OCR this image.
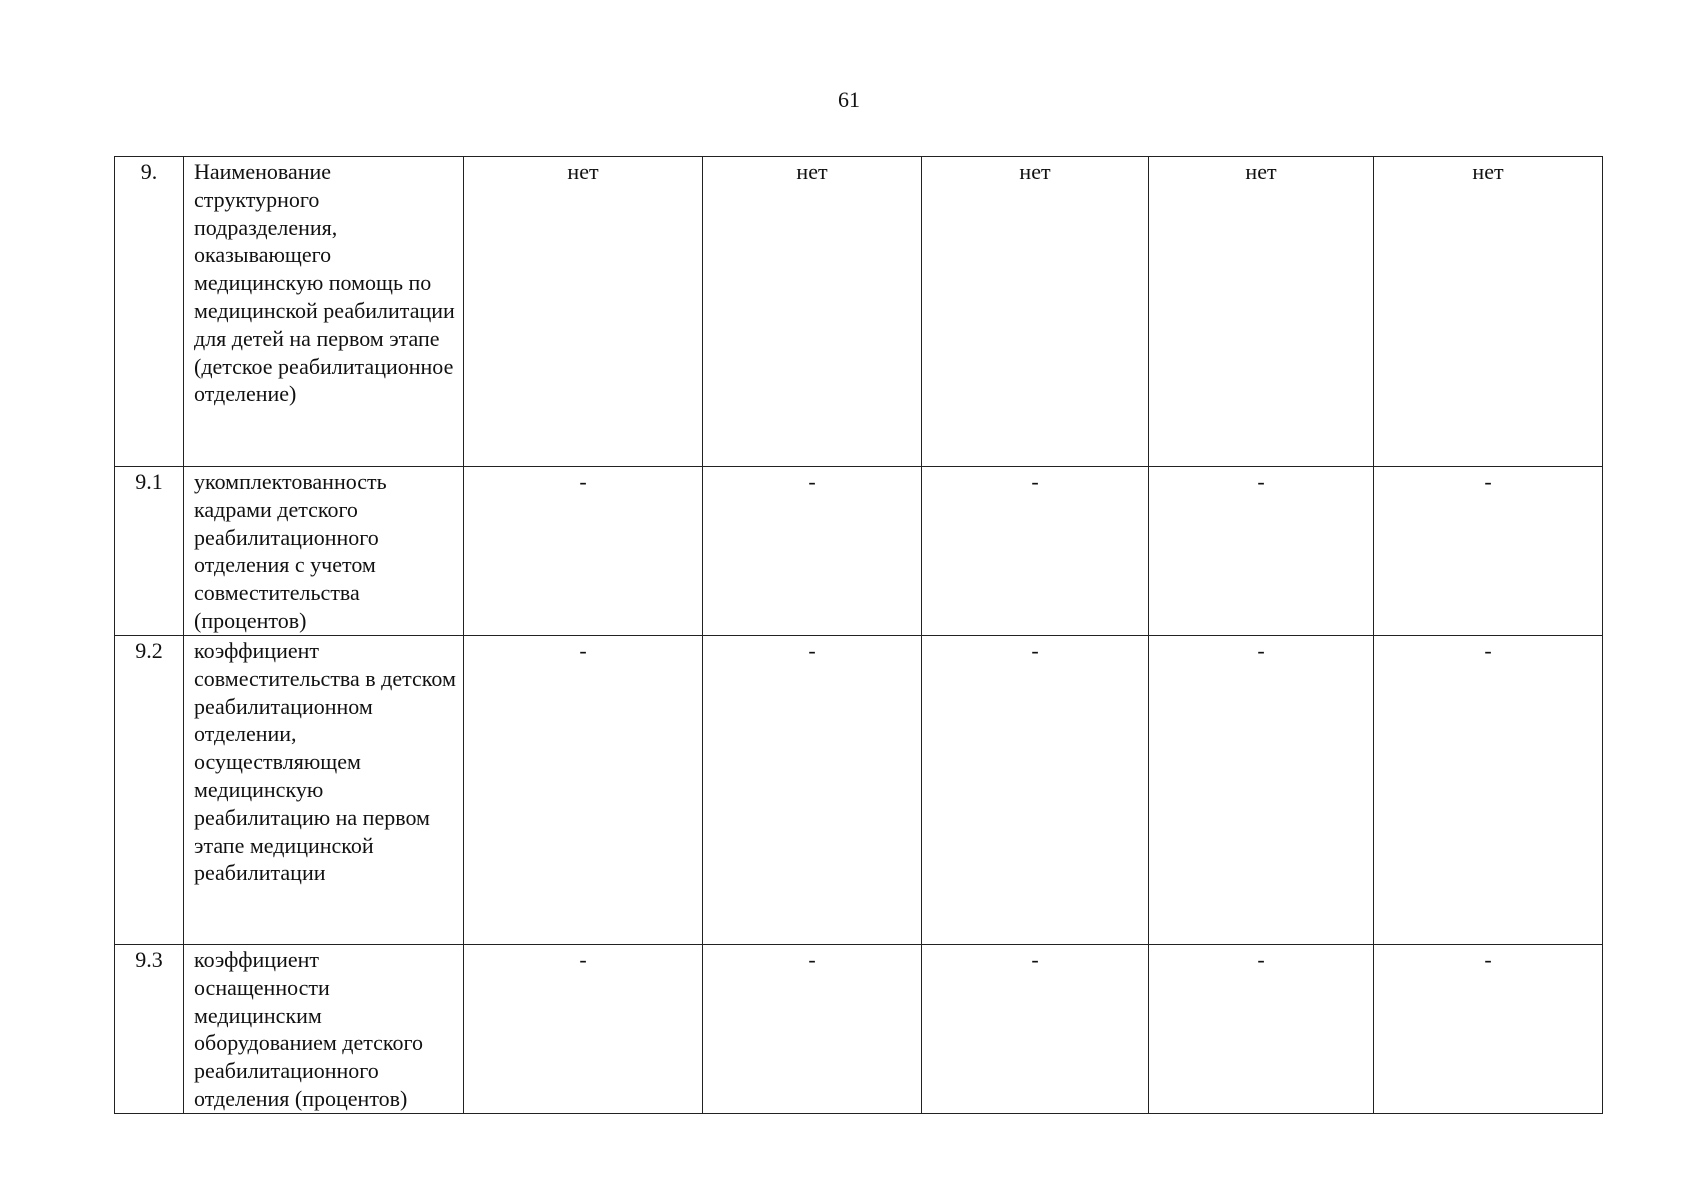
61
9.	Наименование структурного подразделения, оказывающего медицинскую помощь по медицинской реабилитации для детей на первом этапе (детское реабилитационное отделение)	нет	нет	нет	нет	нет
9.1	укомплектованность кадрами детского реабилитационного отделения с учетом совместительства (процентов)	-	-	-	-	-
9.2	коэффициент совместительства в детском реабилитационном отделении, осуществляющем медицинскую реабилитацию на первом этапе медицинской реабилитации	-	-	-	-	-
9.3	коэффициент оснащенности медицинским оборудованием детского реабилитационного отделения (процентов)	-	-	-	-	-
